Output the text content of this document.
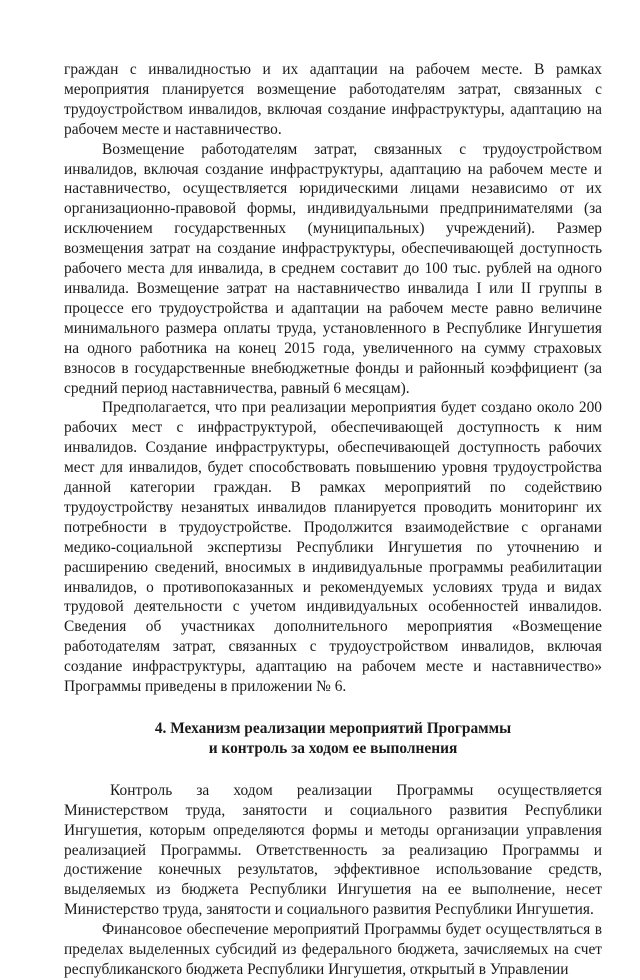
граждан с инвалидностью и их адаптации на рабочем месте. В рамках мероприятия планируется возмещение работодателям затрат, связанных с трудоустройством инвалидов, включая создание инфраструктуры, адаптацию на рабочем месте и наставничество.

Возмещение работодателям затрат, связанных с трудоустройством инвалидов, включая создание инфраструктуры, адаптацию на рабочем месте и наставничество, осуществляется юридическими лицами независимо от их организационно-правовой формы, индивидуальными предпринимателями (за исключением государственных (муниципальных) учреждений). Размер возмещения затрат на создание инфраструктуры, обеспечивающей доступность рабочего места для инвалида, в среднем составит до 100 тыс. рублей на одного инвалида. Возмещение затрат на наставничество инвалида I или II группы в процессе его трудоустройства и адаптации на рабочем месте равно величине минимального размера оплаты труда, установленного в Республике Ингушетия на одного работника на конец 2015 года, увеличенного на сумму страховых взносов в государственные внебюджетные фонды и районный коэффициент (за средний период наставничества, равный 6 месяцам).

Предполагается, что при реализации мероприятия будет создано около 200 рабочих мест с инфраструктурой, обеспечивающей доступность к ним инвалидов. Создание инфраструктуры, обеспечивающей доступность рабочих мест для инвалидов, будет способствовать повышению уровня трудоустройства данной категории граждан. В рамках мероприятий по содействию трудоустройству незанятых инвалидов планируется проводить мониторинг их потребности в трудоустройстве. Продолжится взаимодействие с органами медико-социальной экспертизы Республики Ингушетия по уточнению и расширению сведений, вносимых в индивидуальные программы реабилитации инвалидов, о противопоказанных и рекомендуемых условиях труда и видах трудовой деятельности с учетом индивидуальных особенностей инвалидов. Сведения об участниках дополнительного мероприятия «Возмещение работодателям затрат, связанных с трудоустройством инвалидов, включая создание инфраструктуры, адаптацию на рабочем месте и наставничество» Программы приведены в приложении № 6.

4. Механизм реализации мероприятий Программы
и контроль за ходом ее выполнения

Контроль за ходом реализации Программы осуществляется Министерством труда, занятости и социального развития Республики Ингушетия, которым определяются формы и методы организации управления реализацией Программы. Ответственность за реализацию Программы и достижение конечных результатов, эффективное использование средств, выделяемых из бюджета Республики Ингушетия на ее выполнение, несет Министерство труда, занятости и социального развития Республики Ингушетия.

Финансовое обеспечение мероприятий Программы будет осуществляться в пределах выделенных субсидий из федерального бюджета, зачисляемых на счет республиканского бюджета Республики Ингушетия, открытый в Управлении
